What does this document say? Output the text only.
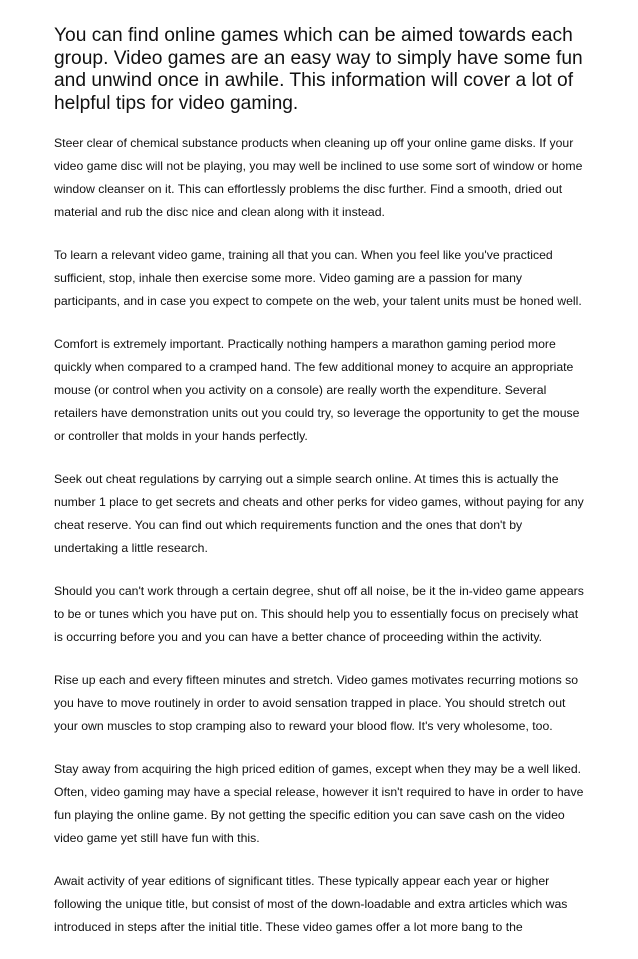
You can find online games which can be aimed towards each group. Video games are an easy way to simply have some fun and unwind once in awhile. This information will cover a lot of helpful tips for video gaming.

Steer clear of chemical substance products when cleaning up off your online game disks. If your video game disc will not be playing, you may well be inclined to use some sort of window or home window cleanser on it. This can effortlessly problems the disc further. Find a smooth, dried out material and rub the disc nice and clean along with it instead.

To learn a relevant video game, training all that you can. When you feel like you've practiced sufficient, stop, inhale then exercise some more. Video gaming are a passion for many participants, and in case you expect to compete on the web, your talent units must be honed well.

Comfort is extremely important. Practically nothing hampers a marathon gaming period more quickly when compared to a cramped hand. The few additional money to acquire an appropriate mouse (or control when you activity on a console) are really worth the expenditure. Several retailers have demonstration units out you could try, so leverage the opportunity to get the mouse or controller that molds in your hands perfectly.

Seek out cheat regulations by carrying out a simple search online. At times this is actually the number 1 place to get secrets and cheats and other perks for video games, without paying for any cheat reserve. You can find out which requirements function and the ones that don't by undertaking a little research.

Should you can't work through a certain degree, shut off all noise, be it the in-video game appears to be or tunes which you have put on. This should help you to essentially focus on precisely what is occurring before you and you can have a better chance of proceeding within the activity.

Rise up each and every fifteen minutes and stretch. Video games motivates recurring motions so you have to move routinely in order to avoid sensation trapped in place. You should stretch out your own muscles to stop cramping also to reward your blood flow. It's very wholesome, too.

Stay away from acquiring the high priced edition of games, except when they may be a well liked. Often, video gaming may have a special release, however it isn't required to have in order to have fun playing the online game. By not getting the specific edition you can save cash on the video video game yet still have fun with this.

Await activity of year editions of significant titles. These typically appear each year or higher following the unique title, but consist of most of the down-loadable and extra articles which was introduced in steps after the initial title. These video games offer a lot more bang to the
